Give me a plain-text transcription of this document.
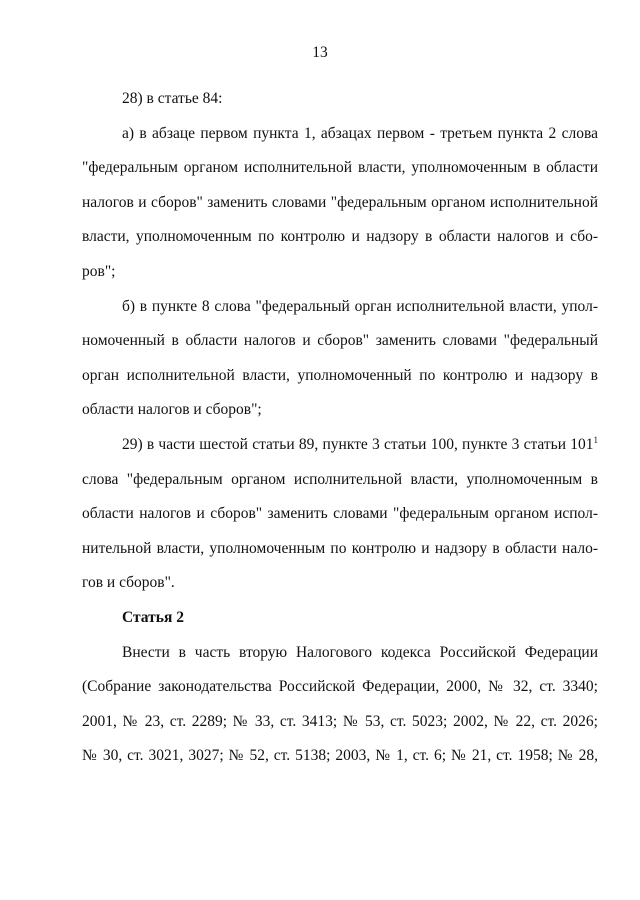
13
28) в статье 84:
а) в абзаце первом пункта 1, абзацах первом - третьем пункта 2 слова
"федеральным органом исполнительной власти, уполномоченным в области
налогов и сборов" заменить словами "федеральным органом исполнительной
власти, уполномоченным по контролю и надзору в области налогов и сбо-
ров";
б) в пункте 8 слова "федеральный орган исполнительной власти, упол-
номоченный в области налогов и сборов" заменить словами "федеральный
орган исполнительной власти, уполномоченный по контролю и надзору в
области налогов и сборов";
29) в части шестой статьи 89, пункте 3 статьи 100, пункте 3 статьи $101^1$
слова "федеральным органом исполнительной власти, уполномоченным в
области налогов и сборов" заменить словами "федеральным органом испол-
нительной власти, уполномоченным по контролю и надзору в области нало-
гов и сборов".
Статья 2
Внести в часть вторую Налогового кодекса Российской Федерации
(Собрание законодательства Российской Федерации, 2000, № 32, ст. 3340;
2001, № 23, ст. 2289; № 33, ст. 3413; № 53, ст. 5023; 2002, № 22, ст. 2026;
№ 30, ст. 3021, 3027; № 52, ст. 5138; 2003, № 1, ст. 6; № 21, ст. 1958; № 28,
